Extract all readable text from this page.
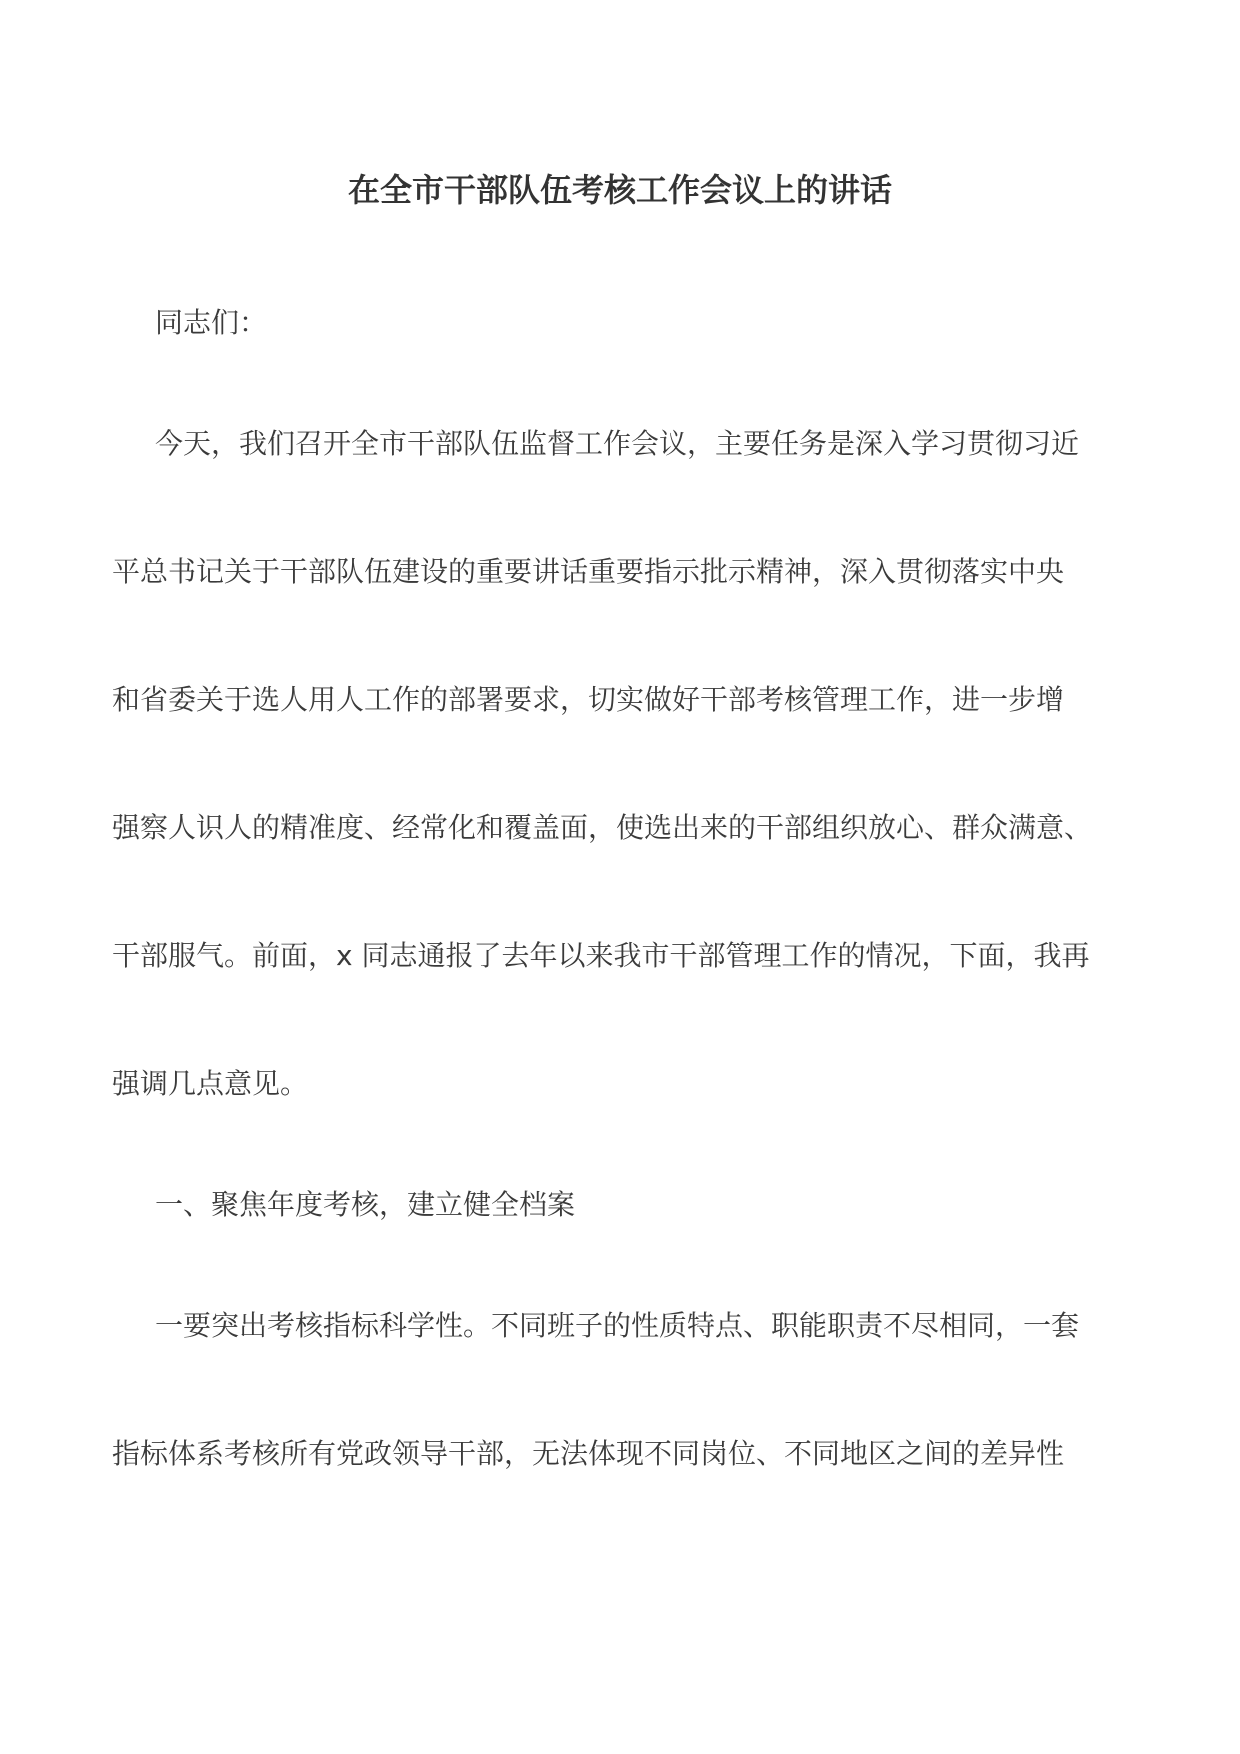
在全市干部队伍考核工作会议上的讲话

同志们：

今天，我们召开全市干部队伍监督工作会议，主要任务是深入学习贯彻习近

平总书记关于干部队伍建设的重要讲话重要指示批示精神，深入贯彻落实中央

和省委关于选人用人工作的部署要求，切实做好干部考核管理工作，进一步增

强察人识人的精准度、经常化和覆盖面，使选出来的干部组织放心、群众满意、

干部服气。前面，x 同志通报了去年以来我市干部管理工作的情况，下面，我再

强调几点意见。

一、聚焦年度考核，建立健全档案

一要突出考核指标科学性。不同班子的性质特点、职能职责不尽相同，一套

指标体系考核所有党政领导干部，无法体现不同岗位、不同地区之间的差异性
